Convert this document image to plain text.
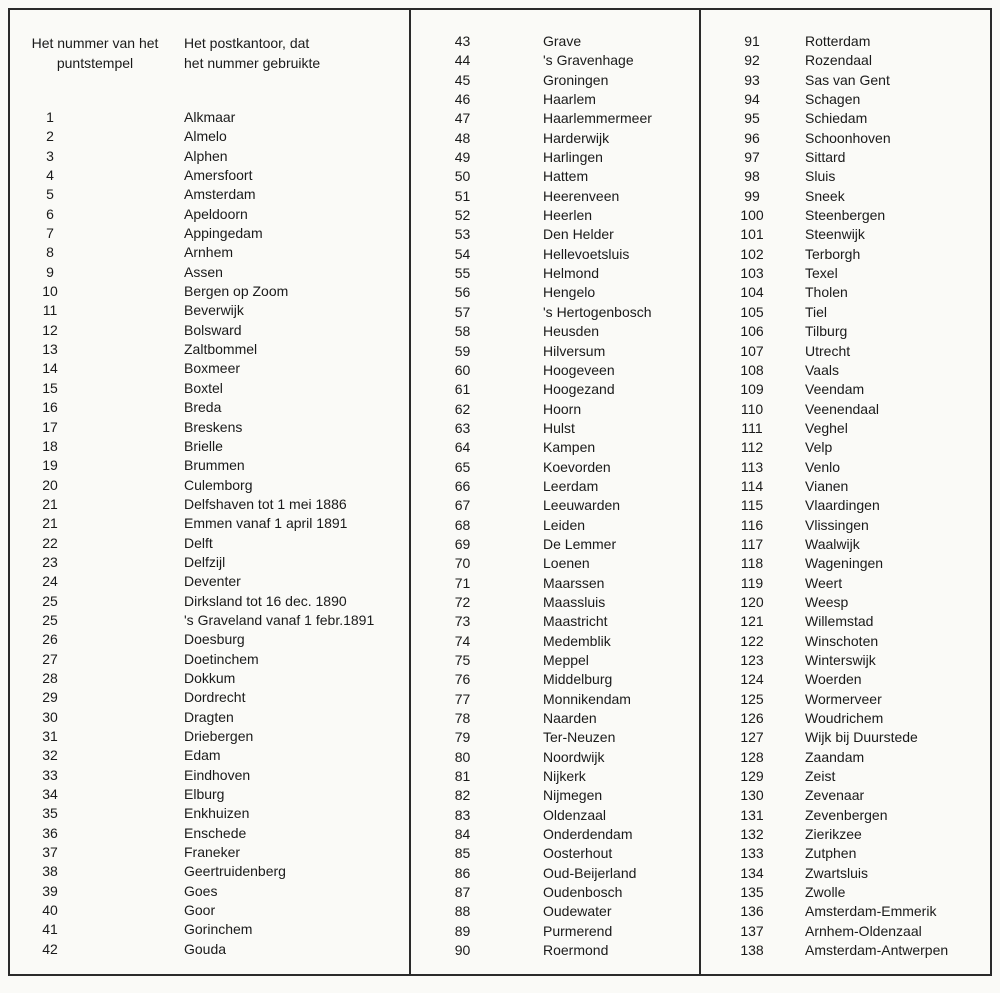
Het nummer van het
puntstempel
Het postkantoor, dat
het nummer gebruikte
1	Alkmaar
2	Almelo
3	Alphen
4	Amersfoort
5	Amsterdam
6	Apeldoorn
7	Appingedam
8	Arnhem
9	Assen
10	Bergen op Zoom
11	Beverwijk
12	Bolsward
13	Zaltbommel
14	Boxmeer
15	Boxtel
16	Breda
17	Breskens
18	Brielle
19	Brummen
20	Culemborg
21	Delfshaven tot 1 mei 1886
21	Emmen vanaf 1 april 1891
22	Delft
23	Delfzijl
24	Deventer
25	Dirksland tot 16 dec. 1890
25	's Graveland vanaf 1 febr.1891
26	Doesburg
27	Doetinchem
28	Dokkum
29	Dordrecht
30	Dragten
31	Driebergen
32	Edam
33	Eindhoven
34	Elburg
35	Enkhuizen
36	Enschede
37	Franeker
38	Geertruidenberg
39	Goes
40	Goor
41	Gorinchem
42	Gouda
43	Grave
44	's Gravenhage
45	Groningen
46	Haarlem
47	Haarlemmermeer
48	Harderwijk
49	Harlingen
50	Hattem
51	Heerenveen
52	Heerlen
53	Den Helder
54	Hellevoetsluis
55	Helmond
56	Hengelo
57	's Hertogenbosch
58	Heusden
59	Hilversum
60	Hoogeveen
61	Hoogezand
62	Hoorn
63	Hulst
64	Kampen
65	Koevorden
66	Leerdam
67	Leeuwarden
68	Leiden
69	De Lemmer
70	Loenen
71	Maarssen
72	Maassluis
73	Maastricht
74	Medemblik
75	Meppel
76	Middelburg
77	Monnikendam
78	Naarden
79	Ter-Neuzen
80	Noordwijk
81	Nijkerk
82	Nijmegen
83	Oldenzaal
84	Onderdendam
85	Oosterhout
86	Oud-Beijerland
87	Oudenbosch
88	Oudewater
89	Purmerend
90	Roermond
91	Rotterdam
92	Rozendaal
93	Sas van Gent
94	Schagen
95	Schiedam
96	Schoonhoven
97	Sittard
98	Sluis
99	Sneek
100	Steenbergen
101	Steenwijk
102	Terborgh
103	Texel
104	Tholen
105	Tiel
106	Tilburg
107	Utrecht
108	Vaals
109	Veendam
110	Veenendaal
111	Veghel
112	Velp
113	Venlo
114	Vianen
115	Vlaardingen
116	Vlissingen
117	Waalwijk
118	Wageningen
119	Weert
120	Weesp
121	Willemstad
122	Winschoten
123	Winterswijk
124	Woerden
125	Wormerveer
126	Woudrichem
127	Wijk bij Duurstede
128	Zaandam
129	Zeist
130	Zevenaar
131	Zevenbergen
132	Zierikzee
133	Zutphen
134	Zwartsluis
135	Zwolle
136	Amsterdam-Emmerik
137	Arnhem-Oldenzaal
138	Amsterdam-Antwerpen
